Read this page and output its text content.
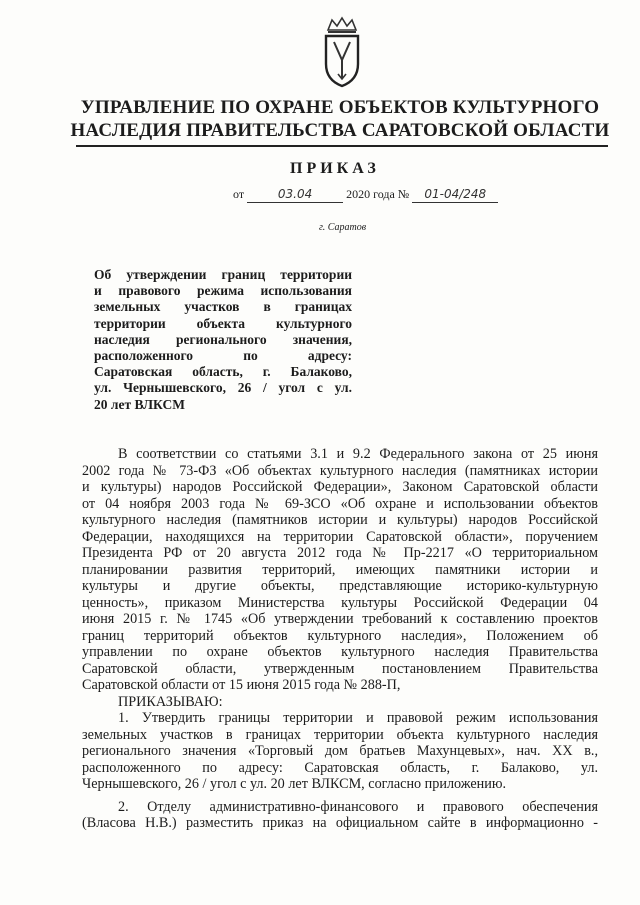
УПРАВЛЕНИЕ ПО ОХРАНЕ ОБЪЕКТОВ КУЛЬТУРНОГО
НАСЛЕДИЯ ПРАВИТЕЛЬСТВА САРАТОВСКОЙ ОБЛАСТИ
ПРИКАЗ
от	03.04	2020 года № 01-04/248
г. Саратов
Об утверждении границ территории
и правового режима использования
земельных участков в границах
территории объекта культурного
наследия регионального значения,
расположенного по адресу:
Саратовская область, г. Балаково,
ул. Чернышевского, 26 / угол с ул.
20 лет ВЛКСМ
В соответствии со статьями 3.1 и 9.2 Федерального закона от 25 июня
2002 года № 73-ФЗ «Об объектах культурного наследия (памятниках истории
и культуры) народов Российской Федерации», Законом Саратовской области
от 04 ноября 2003 года № 69-ЗСО «Об охране и использовании объектов
культурного наследия (памятников истории и культуры) народов Российской
Федерации, находящихся на территории Саратовской области», поручением
Президента РФ от 20 августа 2012 года № Пр-2217 «О территориальном
планировании развития территорий, имеющих памятники истории и
культуры и другие объекты, представляющие историко-культурную
ценность», приказом Министерства культуры Российской Федерации 04
июня 2015 г. № 1745 «Об утверждении требований к составлению проектов
границ территорий объектов культурного наследия», Положением об
управлении по охране объектов культурного наследия Правительства
Саратовской области, утвержденным постановлением Правительства
Саратовской области от 15 июня 2015 года № 288-П,
ПРИКАЗЫВАЮ:
1. Утвердить границы территории и правовой режим использования
земельных участков в границах территории объекта культурного наследия
регионального значения «Торговый дом братьев Махунцевых», нач. XX в.,
расположенного по адресу: Саратовская область, г. Балаково, ул.
Чернышевского, 26 / угол с ул. 20 лет ВЛКСМ, согласно приложению.
2. Отделу административно-финансового и правового обеспечения
(Власова Н.В.) разместить приказ на официальном сайте в информационно -
